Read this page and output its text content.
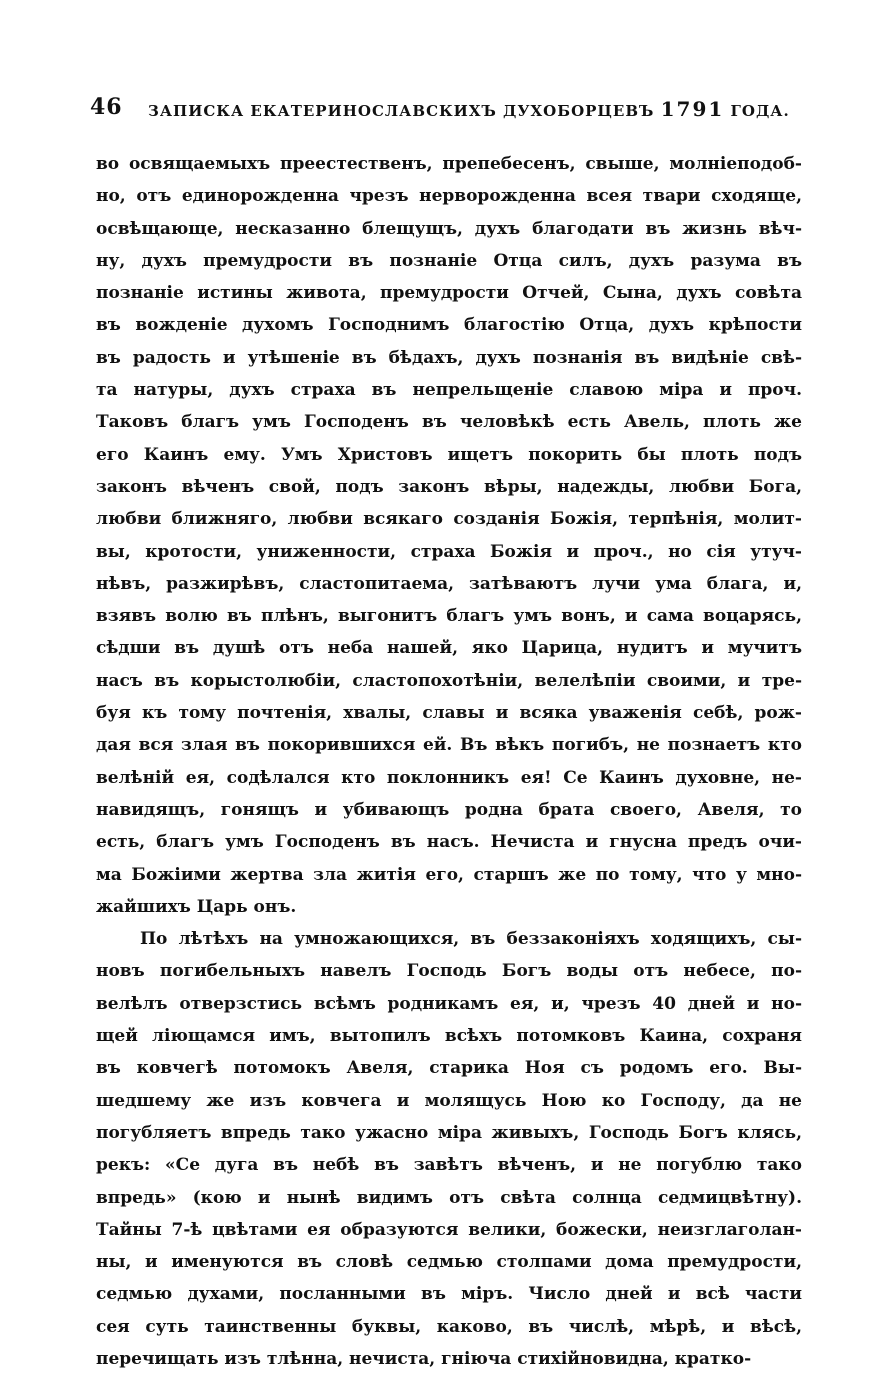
46 ЗАПИСКА ЕКАТЕРИНОСЛАВСКИХЪ ДУХОБОРЦЕВЪ 1791 ГОДА.
во освящаемыхъ преестественъ, препебесенъ, свыше, молніеподоб-
но, отъ единорожденна чрезъ нерворожденна всея твари сходяще,
освѣщающе, несказанно блещущъ, духъ благодати въ жизнь вѣч-
ну, духъ премудрости въ познаніе Отца силъ, духъ разума въ
познаніе истины живота, премудрости Отчей, Сына, духъ совѣта
въ вожденіе духомъ Господнимъ благостію Отца, духъ крѣпости
въ радость и утѣшеніе въ бѣдахъ, духъ познанія въ видѣніе свѣ-
та натуры, духъ страха въ непрельщеніе славою міра и проч.
Таковъ благъ умъ Господенъ въ человѣкѣ есть Авель, плоть же
его Каинъ ему. Умъ Христовъ ищетъ покорить бы плоть подъ
законъ вѣченъ свой, подъ законъ вѣры, надежды, любви Бога,
любви ближняго, любви всякаго созданія Божія, терпѣнія, молит-
вы, кротости, униженности, страха Божія и проч., но сія утуч-
нѣвъ, разжирѣвъ, сластопитаема, затѣваютъ лучи ума блага, и,
взявъ волю въ плѣнъ, выгонитъ благъ умъ вонъ, и сама воцарясь,
сѣдши въ душѣ отъ неба нашей, яко Царица, нудитъ и мучитъ
насъ въ корыстолюбіи, сластопохотѣніи, велелѣпіи своими, и тре-
буя къ тому почтенія, хвалы, славы и всяка уваженія себѣ, рож-
дая вся злая въ покорившихся ей. Въ вѣкъ погибъ, не познаетъ кто
велѣній ея, содѣлался кто поклонникъ ея! Се Каинъ духовне, не-
навидящъ, гонящъ и убивающъ родна брата своего, Авеля, то
есть, благъ умъ Господенъ въ насъ. Нечиста и гнусна предъ очи-
ма Божіими жертва зла житія его, старшъ же по тому, что у мно-
жайшихъ Царь онъ.
По лѣтѣхъ на умножающихся, въ беззаконіяхъ ходящихъ, сы-
новъ погибельныхъ навелъ Господь Богъ воды отъ небесе, по-
велѣлъ отверзстись всѣмъ родникамъ ея, и, чрезъ 40 дней и но-
щей ліющамся имъ, вытопилъ всѣхъ потомковъ Каина, сохраня
въ ковчегѣ потомокъ Авеля, старика Ноя съ родомъ его. Вы-
шедшему же изъ ковчега и молящусь Ною ко Господу, да не
погубляетъ впредь тако ужасно міра живыхъ, Господь Богъ клясь,
рекъ: «Се дуга въ небѣ въ завѣтъ вѣченъ, и не погублю тако
впредь» (кою и нынѣ видимъ отъ свѣта солнца седмицвѣтну).
Тайны 7-ѣ цвѣтами ея образуются велики, божески, неизглаголан-
ны, и именуются въ словѣ седмью столпами дома премудрости,
седмью духами, посланными въ міръ. Число дней и всѣ части
сея суть таинственны буквы, каково, въ числѣ, мѣрѣ, и вѣсѣ,
перечищать изъ тлѣнна, нечиста, гніюча стихійновидна, кратко-
